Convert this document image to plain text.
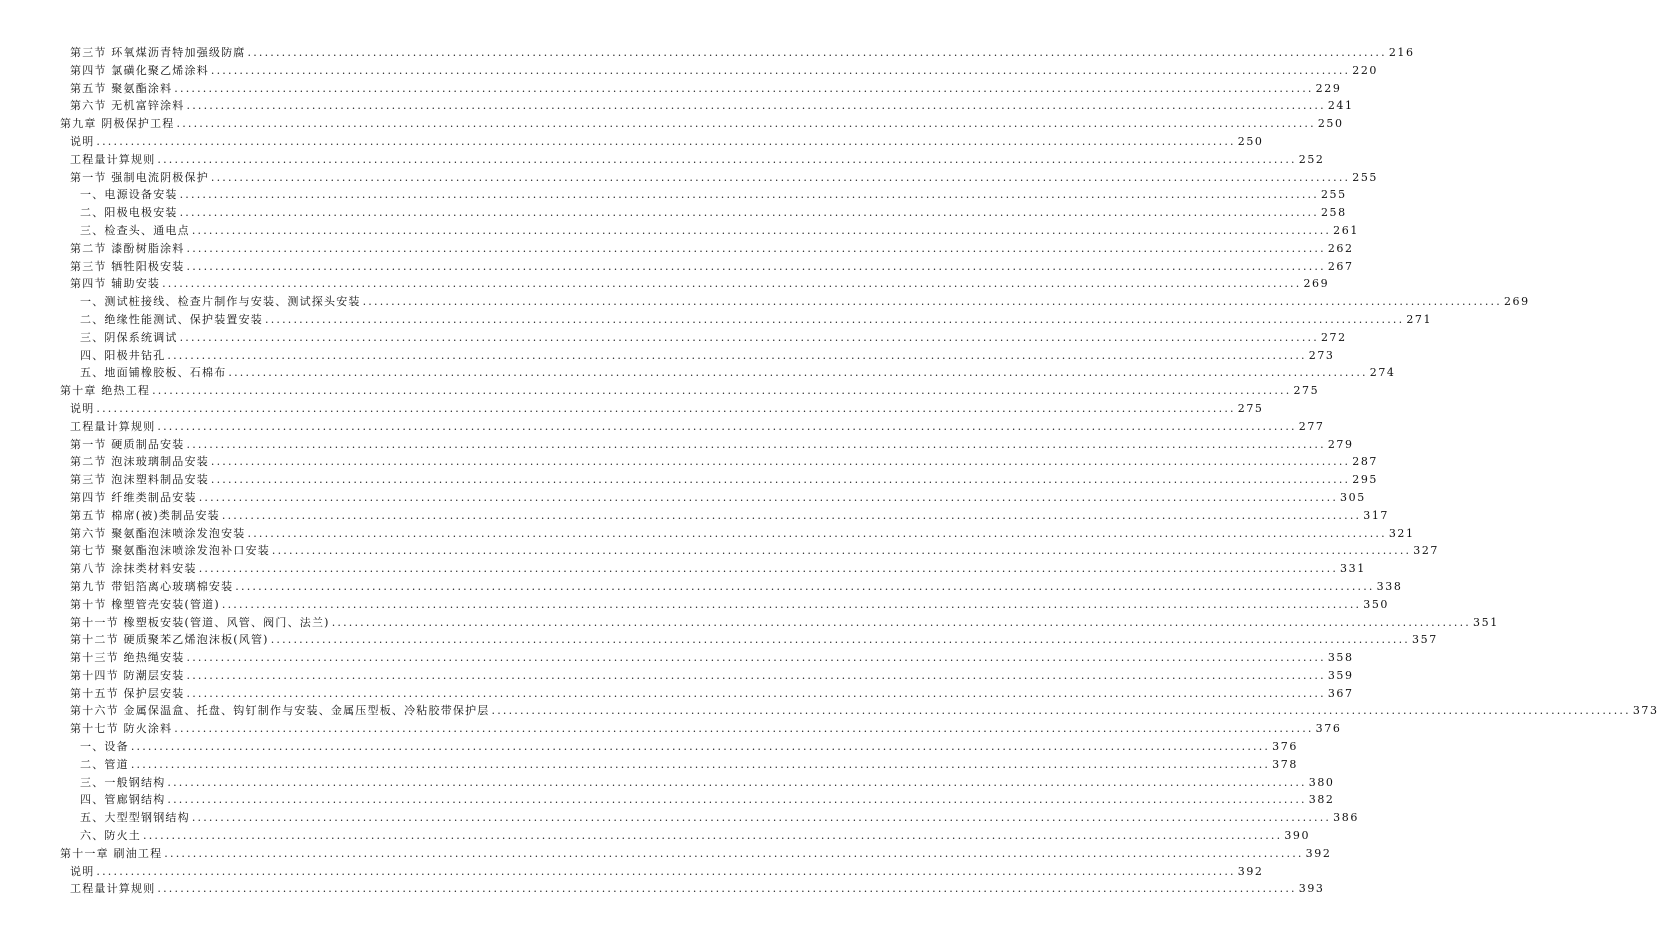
第三节 环氧煤沥青特加强级防腐 ........................................................................................................................................................................................................ 216
第四节 氯磺化聚乙烯涂料 ........................................................................................................................................................................................................ 220
第五节 聚氨酯涂料 ........................................................................................................................................................................................................ 229
第六节 无机富锌涂料 ........................................................................................................................................................................................................ 241
第九章 阴极保护工程 ........................................................................................................................................................................................................ 250
说明 ........................................................................................................................................................................................................ 250
工程量计算规则 ........................................................................................................................................................................................................ 252
第一节 强制电流阴极保护 ........................................................................................................................................................................................................ 255
一、电源设备安装 ........................................................................................................................................................................................................ 255
二、阳极电极安装 ........................................................................................................................................................................................................ 258
三、检查头、通电点 ........................................................................................................................................................................................................ 261
第二节 漆酚树脂涂料 ........................................................................................................................................................................................................ 262
第三节 牺牲阳极安装 ........................................................................................................................................................................................................ 267
第四节 辅助安装 ........................................................................................................................................................................................................ 269
一、测试桩接线、检查片制作与安装、测试探头安装 ........................................................................................................................................................................................................ 269
二、绝缘性能测试、保护装置安装 ........................................................................................................................................................................................................ 271
三、阴保系统调试 ........................................................................................................................................................................................................ 272
四、阳极井钻孔 ........................................................................................................................................................................................................ 273
五、地面铺橡胶板、石棉布 ........................................................................................................................................................................................................ 274
第十章 绝热工程 ........................................................................................................................................................................................................ 275
说明 ........................................................................................................................................................................................................ 275
工程量计算规则 ........................................................................................................................................................................................................ 277
第一节 硬质制品安装 ........................................................................................................................................................................................................ 279
第二节 泡沫玻璃制品安装 ........................................................................................................................................................................................................ 287
第三节 泡沫塑料制品安装 ........................................................................................................................................................................................................ 295
第四节 纤维类制品安装 ........................................................................................................................................................................................................ 305
第五节 棉席(被)类制品安装 ........................................................................................................................................................................................................ 317
第六节 聚氨酯泡沫喷涂发泡安装 ........................................................................................................................................................................................................ 321
第七节 聚氨酯泡沫喷涂发泡补口安装 ........................................................................................................................................................................................................ 327
第八节 涂抹类材料安装 ........................................................................................................................................................................................................ 331
第九节 带铝箔离心玻璃棉安装 ........................................................................................................................................................................................................ 338
第十节 橡塑管壳安装(管道) ........................................................................................................................................................................................................ 350
第十一节 橡塑板安装(管道、风管、阀门、法兰) ........................................................................................................................................................................................................ 351
第十二节 硬质聚苯乙烯泡沫板(风管) ........................................................................................................................................................................................................ 357
第十三节 绝热绳安装 ........................................................................................................................................................................................................ 358
第十四节 防潮层安装 ........................................................................................................................................................................................................ 359
第十五节 保护层安装 ........................................................................................................................................................................................................ 367
第十六节 金属保温盒、托盘、钩钉制作与安装、金属压型板、冷粘胶带保护层 ........................................................................................................................................................................................................ 373
第十七节 防火涂料 ........................................................................................................................................................................................................ 376
一、设备 ........................................................................................................................................................................................................ 376
二、管道 ........................................................................................................................................................................................................ 378
三、一般钢结构 ........................................................................................................................................................................................................ 380
四、管廊钢结构 ........................................................................................................................................................................................................ 382
五、大型型钢钢结构 ........................................................................................................................................................................................................ 386
六、防火土 ........................................................................................................................................................................................................ 390
第十一章 刷油工程 ........................................................................................................................................................................................................ 392
说明 ........................................................................................................................................................................................................ 392
工程量计算规则 ........................................................................................................................................................................................................ 393
